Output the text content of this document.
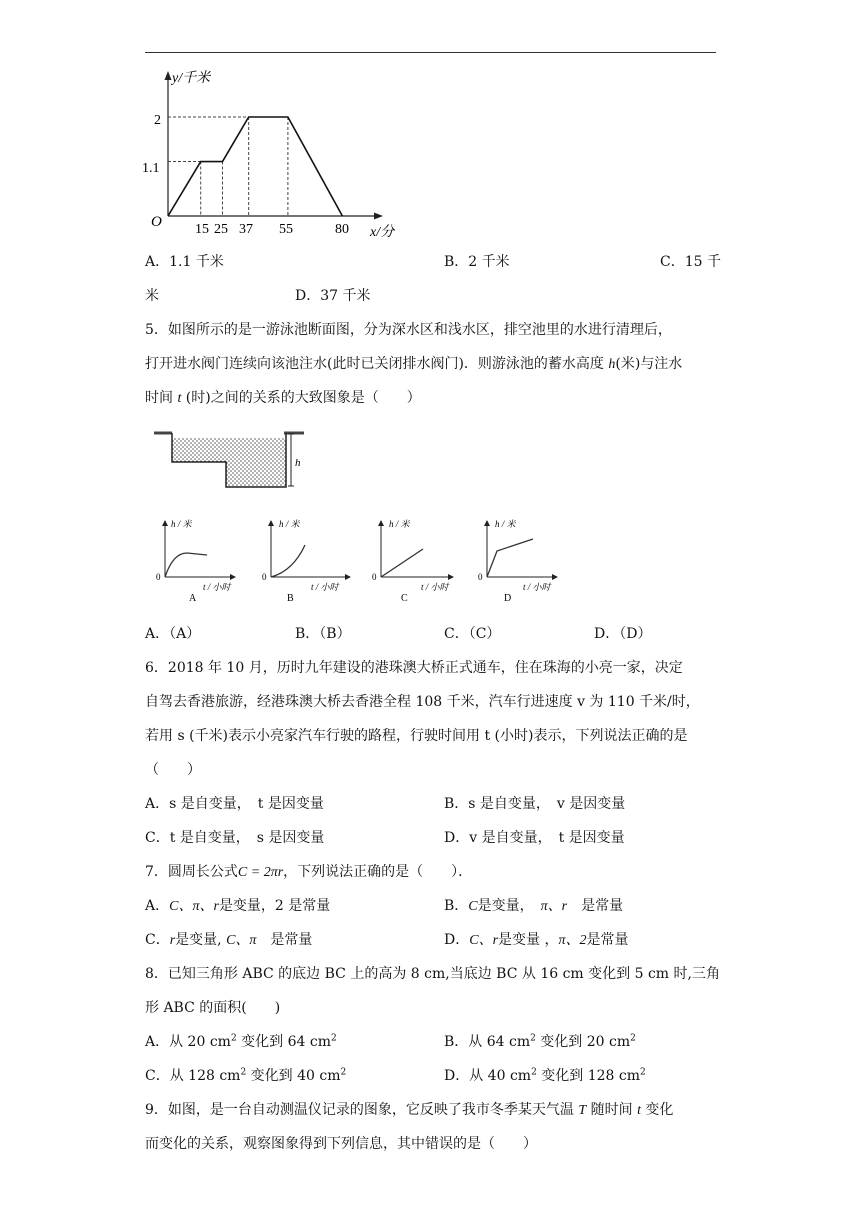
y/千米
x/分
O
2
1.1
15 25 37 55	80
A．1.1 千米	B．2 千米	C．15 千
米	D．37 千米
5．如图所示的是一游泳池断面图，分为深水区和浅水区，排空池里的水进行清理后，
打开进水阀门连续向该池注水(此时已关闭排水阀门)．则游泳池的蓄水高度 h(米)与注水
时间 t (时)之间的关系的大致图象是（　　）
h
h / 米
t / 小时
0
A
h / 米
t / 小时
0
B
h / 米
t / 小时
0
C
h / 米
t / 小时
0
D
A．（A）	B．（B）	C．（C）	D．（D）
6．2018 年 10 月，历时九年建设的港珠澳大桥正式通车，住在珠海的小亮一家，决定
自驾去香港旅游，经港珠澳大桥去香港全程 108 千米，汽车行进速度 v 为 110 千米/时，
若用 s (千米)表示小亮家汽车行驶的路程，行驶时间用 t (小时)表示，下列说法正确的是
（　　）
A．s 是自变量，　t 是因变量	B．s 是自变量，　v 是因变量
C．t 是自变量，　s 是因变量	D．v 是自变量，　t 是因变量
7．圆周长公式C = 2πr，下列说法正确的是（　　）．
A．C、π、r是变量，2 是常量	B．C是变量，　π、r　是常量
C．r是变量, C、π　是常量	D．C、r是变量 ，π、2是常量
8．已知三角形 ABC 的底边 BC 上的高为 8 cm,当底边 BC 从 16 cm 变化到 5 cm 时,三角
形 ABC 的面积(　　)
A．从 20 $cm^2$ 变化到 64 $cm^2$	B．从 64 $cm^2$ 变化到 20 $cm^2$
C．从 128 $cm^2$ 变化到 40 $cm^2$	D．从 40 $cm^2$ 变化到 128 $cm^2$
9．如图，是一台自动测温仪记录的图象，它反映了我市冬季某天气温 T 随时间 t 变化
而变化的关系，观察图象得到下列信息，其中错误的是（　　）
